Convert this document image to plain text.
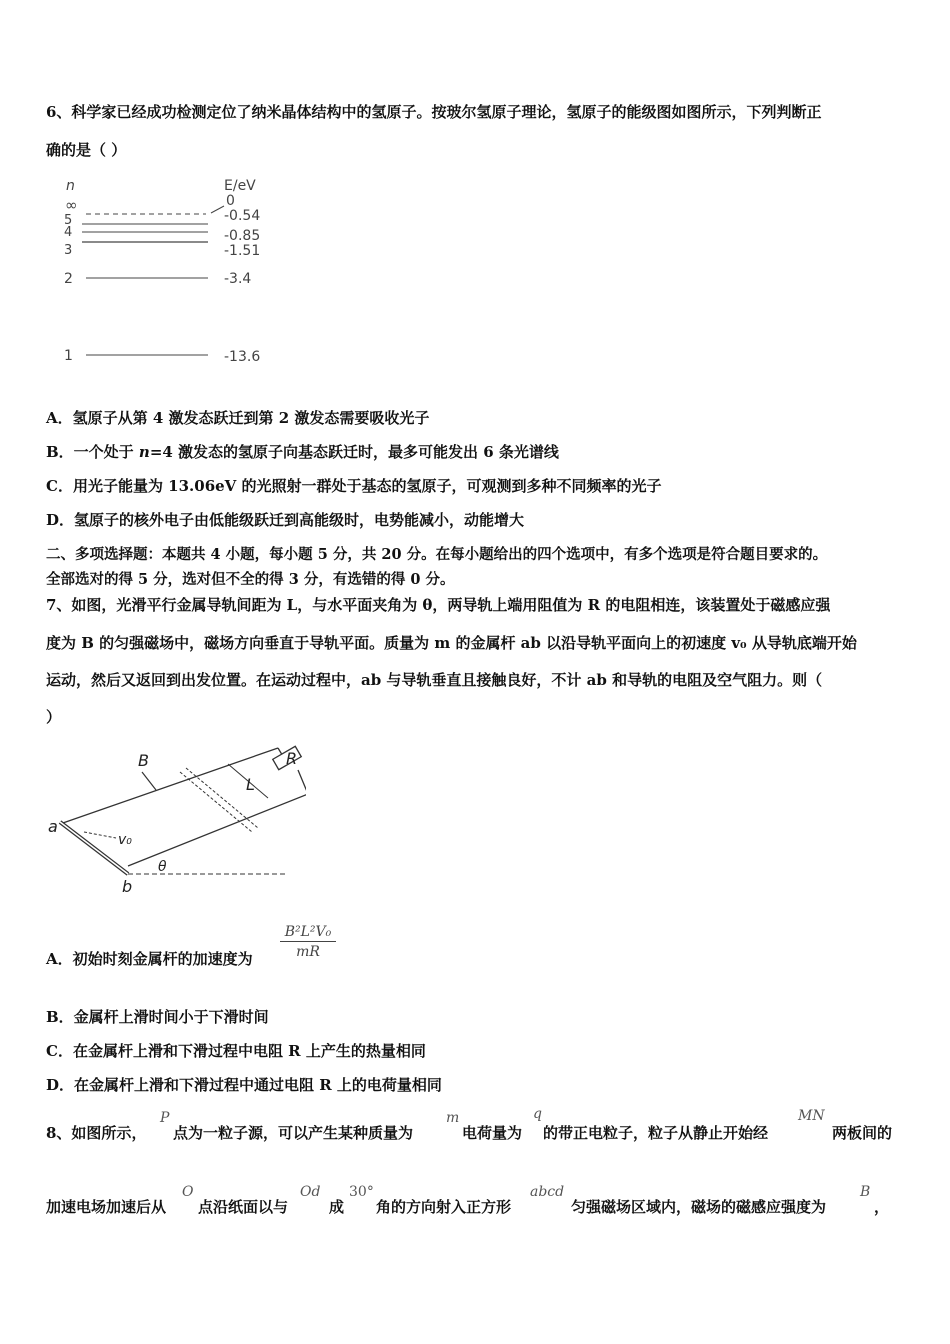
6、科学家已经成功检测定位了纳米晶体结构中的氢原子。按玻尔氢原子理论，氢原子的能级图如图所示，下列判断正
确的是（ ）
n	E/eV
∞	0
5	-0.54
4	-0.85
3	-1.51
2	-3.4
1	-13.6
A．氢原子从第 4 激发态跃迁到第 2 激发态需要吸收光子
B．一个处于 n=4 激发态的氢原子向基态跃迁时，最多可能发出 6 条光谱线
C．用光子能量为 13.06eV 的光照射一群处于基态的氢原子，可观测到多种不同频率的光子
D．氢原子的核外电子由低能级跃迁到高能级时，电势能减小，动能增大
二、多项选择题：本题共 4 小题，每小题 5 分，共 20 分。在每小题给出的四个选项中，有多个选项是符合题目要求的。
全部选对的得 5 分，选对但不全的得 3 分，有选错的得 0 分。
7、如图，光滑平行金属导轨间距为 L，与水平面夹角为 θ，两导轨上端用阻值为 R 的电阻相连，该装置处于磁感应强
度为 B 的匀强磁场中，磁场方向垂直于导轨平面。质量为 m 的金属杆 ab 以沿导轨平面向上的初速度 v₀ 从导轨底端开始
运动，然后又返回到出发位置。在运动过程中，ab 与导轨垂直且接触良好，不计 ab 和导轨的电阻及空气阻力。则（
）
B	R
L
a
b
v₀
θ
A．初始时刻金属杆的加速度为 $\frac{\text{B²L²V₀}}{mR}$
B．金属杆上滑时间小于下滑时间
C．在金属杆上滑和下滑过程中电阻 R 上产生的热量相同
D．在金属杆上滑和下滑过程中通过电阻 R 上的电荷量相同
8、如图所示，
P
点为一粒子源，可以产生某种质量为
m
电荷量为
q
的带正电粒子，粒子从静止开始经
MN
两板间的
加速电场加速后从
O
点沿纸面以与
Od
成
30°
角的方向射入正方形
abcd
匀强磁场区域内，磁场的磁感应强度为
B
，
